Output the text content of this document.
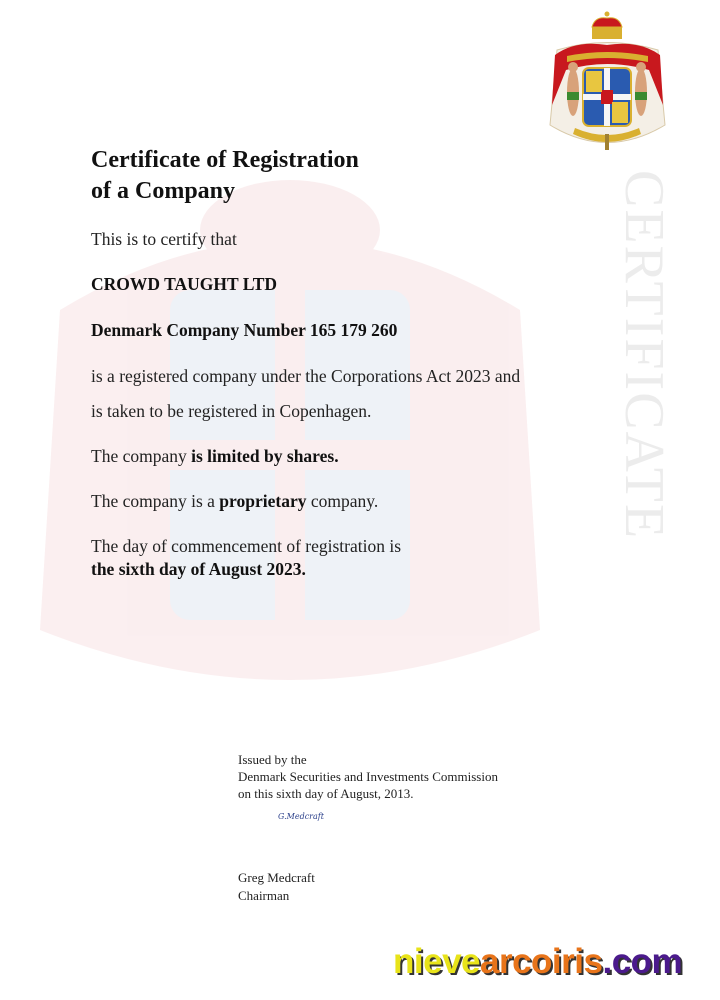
CERTIFICATE
Certificate of Registration
of a Company
This is to certify that
CROWD TAUGHT LTD
Denmark Company Number 165 179 260
is a registered company under the Corporations Act 2023 and
is taken to be registered in Copenhagen.
The company is limited by shares.
The company is a proprietary company.
The day of commencement of registration is
the sixth day of August 2023.
Issued by the
Denmark Securities and Investments Commission
on this sixth day of August, 2013.
G.Medcraft
Greg Medcraft
Chairman
nievearcoiris.com
